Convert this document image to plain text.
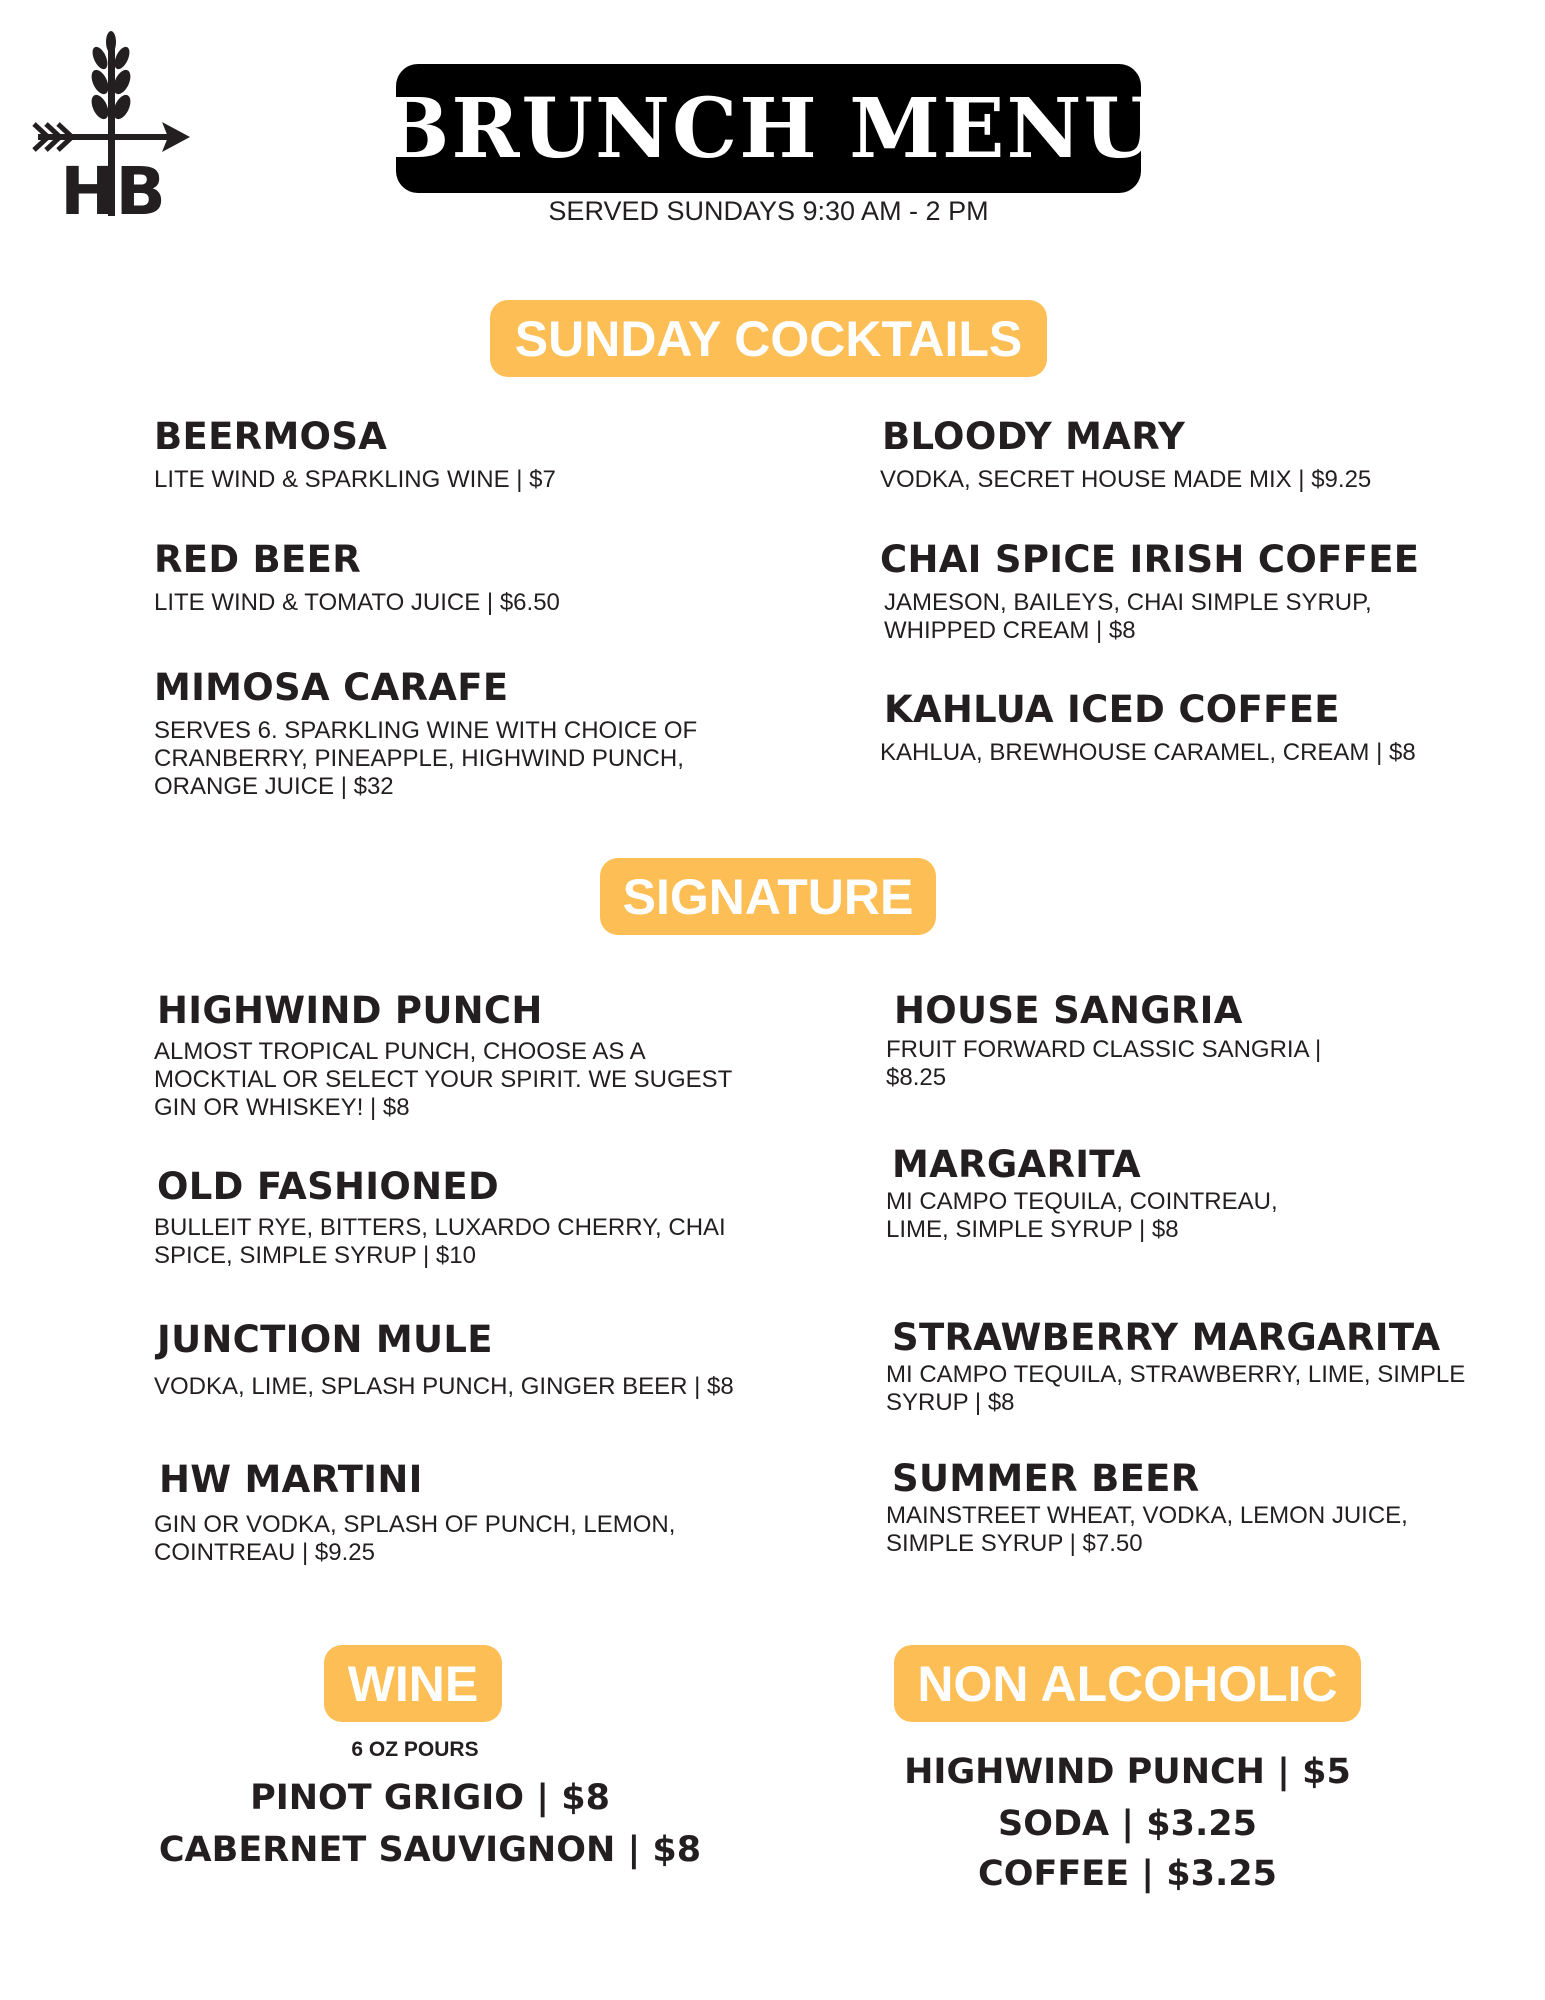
HB
BRUNCH MENU
SERVED SUNDAYS 9:30 AM - 2 PM
SUNDAY COCKTAILS
BEERMOSA
LITE WIND & SPARKLING WINE | $7
RED BEER
LITE WIND & TOMATO JUICE | $6.50
MIMOSA CARAFE
SERVES 6. SPARKLING WINE WITH CHOICE OF
CRANBERRY, PINEAPPLE, HIGHWIND PUNCH,
ORANGE JUICE | $32
BLOODY MARY
VODKA, SECRET HOUSE MADE MIX | $9.25
CHAI SPICE IRISH COFFEE
JAMESON, BAILEYS, CHAI SIMPLE SYRUP,
WHIPPED CREAM | $8
KAHLUA ICED COFFEE
KAHLUA, BREWHOUSE CARAMEL, CREAM | $8
SIGNATURE
HIGHWIND PUNCH
ALMOST TROPICAL PUNCH, CHOOSE AS A
MOCKTIAL OR SELECT YOUR SPIRIT. WE SUGEST
GIN OR WHISKEY! | $8
OLD FASHIONED
BULLEIT RYE, BITTERS, LUXARDO CHERRY, CHAI
SPICE, SIMPLE SYRUP | $10
JUNCTION MULE
VODKA, LIME, SPLASH PUNCH, GINGER BEER | $8
HW MARTINI
GIN OR VODKA, SPLASH OF PUNCH, LEMON,
COINTREAU | $9.25
HOUSE SANGRIA
FRUIT FORWARD CLASSIC SANGRIA |
$8.25
MARGARITA
MI CAMPO TEQUILA, COINTREAU,
LIME, SIMPLE SYRUP | $8
STRAWBERRY MARGARITA
MI CAMPO TEQUILA, STRAWBERRY, LIME, SIMPLE
SYRUP | $8
SUMMER BEER
MAINSTREET WHEAT, VODKA, LEMON JUICE,
SIMPLE SYRUP | $7.50
WINE
6 OZ POURS
PINOT GRIGIO | $8
CABERNET SAUVIGNON | $8
NON ALCOHOLIC
HIGHWIND PUNCH | $5
SODA | $3.25
COFFEE | $3.25
